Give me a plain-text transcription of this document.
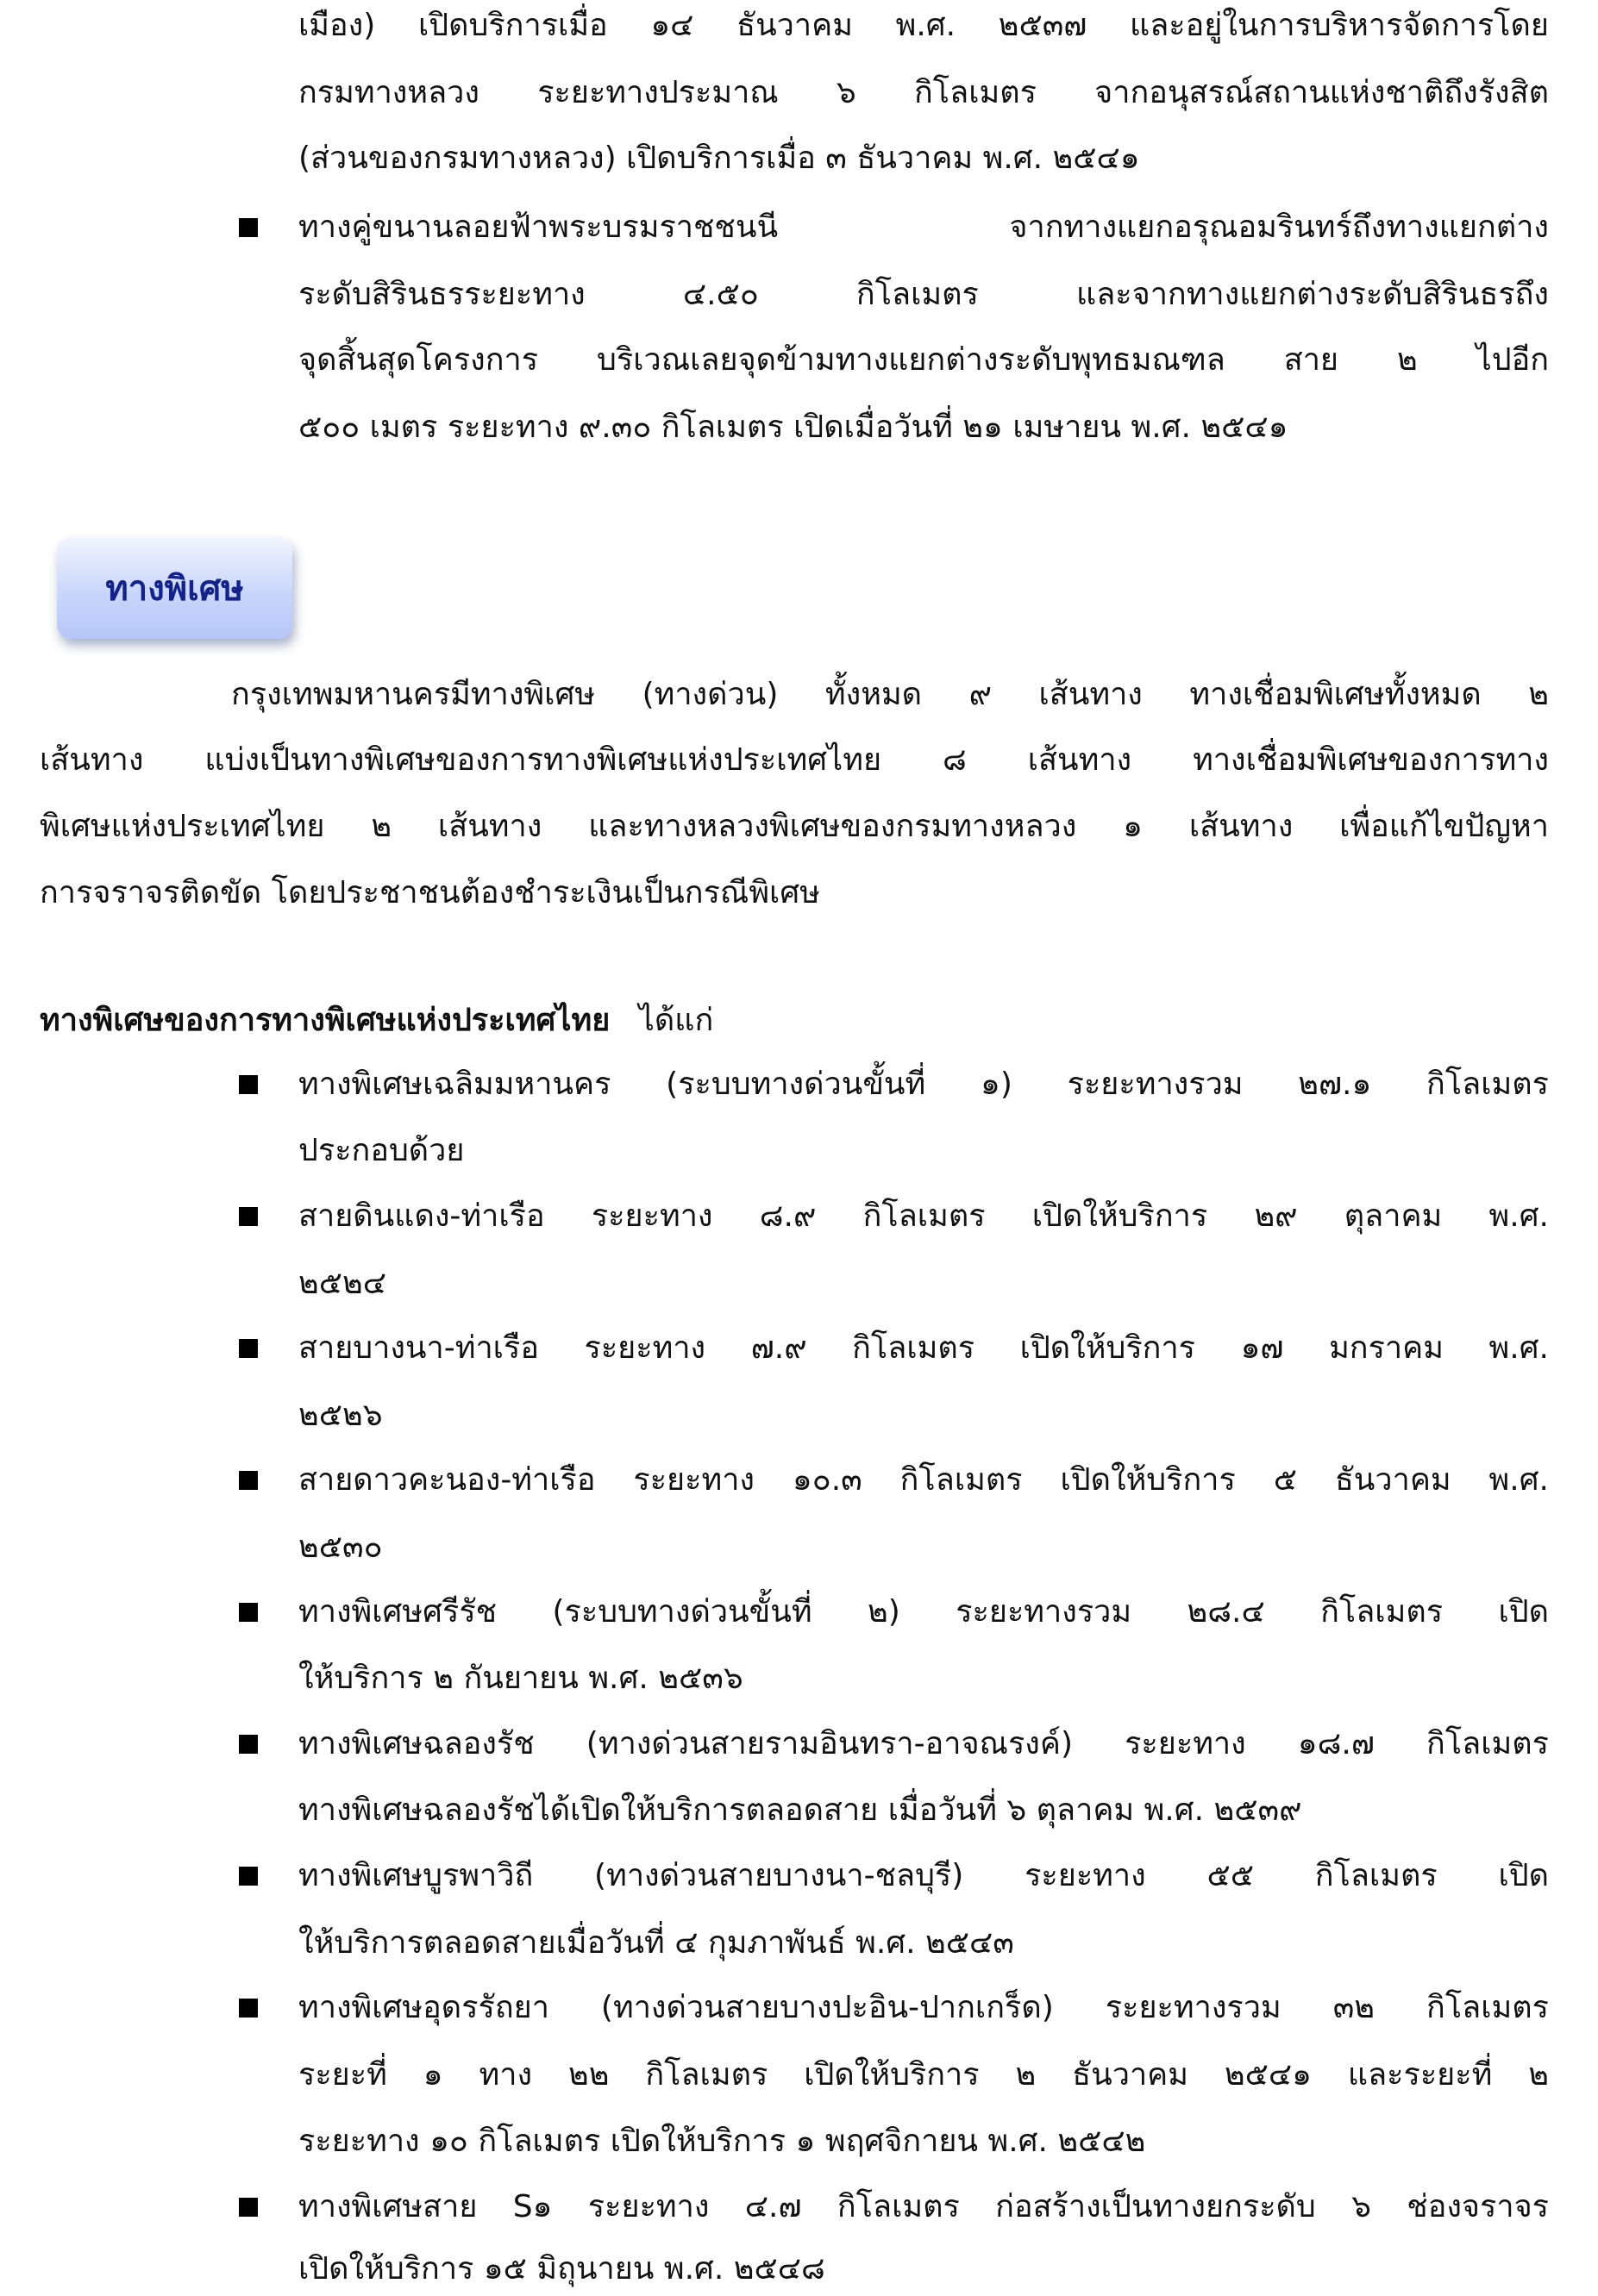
เมือง) เปิดบริการเมื่อ ๑๔ ธันวาคม พ.ศ. ๒๕๓๗ และอยู่ในการบริหารจัดการโดย
กรมทางหลวง ระยะทางประมาณ ๖ กิโลเมตร จากอนุสรณ์สถานแห่งชาติถึงรังสิต
(ส่วนของกรมทางหลวง) เปิดบริการเมื่อ ๓ ธันวาคม พ.ศ. ๒๕๔๑
ทางคู่ขนานลอยฟ้าพระบรมราชชนนี จากทางแยกอรุณอมรินทร์ถึงทางแยกต่าง
ระดับสิรินธรระยะทาง ๔.๕๐ กิโลเมตร และจากทางแยกต่างระดับสิรินธรถึง
จุดสิ้นสุดโครงการ บริเวณเลยจุดข้ามทางแยกต่างระดับพุทธมณฑล สาย ๒ ไปอีก
๕๐๐ เมตร ระยะทาง ๙.๓๐ กิโลเมตร เปิดเมื่อวันที่ ๒๑ เมษายน พ.ศ. ๒๕๔๑
ทางพิเศษ
กรุงเทพมหานครมีทางพิเศษ (ทางด่วน) ทั้งหมด ๙ เส้นทาง ทางเชื่อมพิเศษทั้งหมด ๒
เส้นทาง แบ่งเป็นทางพิเศษของการทางพิเศษแห่งประเทศไทย ๘ เส้นทาง ทางเชื่อมพิเศษของการทาง
พิเศษแห่งประเทศไทย ๒ เส้นทาง และทางหลวงพิเศษของกรมทางหลวง ๑ เส้นทาง เพื่อแก้ไขปัญหา
การจราจรติดขัด โดยประชาชนต้องชำระเงินเป็นกรณีพิเศษ
ทางพิเศษของการทางพิเศษแห่งประเทศไทย ได้แก่
ทางพิเศษเฉลิมมหานคร (ระบบทางด่วนขั้นที่ ๑) ระยะทางรวม ๒๗.๑ กิโลเมตร
ประกอบด้วย
สายดินแดง-ท่าเรือ ระยะทาง ๘.๙ กิโลเมตร เปิดให้บริการ ๒๙ ตุลาคม พ.ศ.
๒๕๒๔
สายบางนา-ท่าเรือ ระยะทาง ๗.๙ กิโลเมตร เปิดให้บริการ ๑๗ มกราคม พ.ศ.
๒๕๒๖
สายดาวคะนอง-ท่าเรือ ระยะทาง ๑๐.๓ กิโลเมตร เปิดให้บริการ ๕ ธันวาคม พ.ศ.
๒๕๓๐
ทางพิเศษศรีรัช (ระบบทางด่วนขั้นที่ ๒) ระยะทางรวม ๒๘.๔ กิโลเมตร เปิด
ให้บริการ ๒ กันยายน พ.ศ. ๒๕๓๖
ทางพิเศษฉลองรัช (ทางด่วนสายรามอินทรา-อาจณรงค์) ระยะทาง ๑๘.๗ กิโลเมตร
ทางพิเศษฉลองรัชได้เปิดให้บริการตลอดสาย เมื่อวันที่ ๖ ตุลาคม พ.ศ. ๒๕๓๙
ทางพิเศษบูรพาวิถี (ทางด่วนสายบางนา-ชลบุรี) ระยะทาง ๕๕ กิโลเมตร เปิด
ให้บริการตลอดสายเมื่อวันที่ ๔ กุมภาพันธ์ พ.ศ. ๒๕๔๓
ทางพิเศษอุดรรัถยา (ทางด่วนสายบางปะอิน-ปากเกร็ด) ระยะทางรวม ๓๒ กิโลเมตร
ระยะที่ ๑ ทาง ๒๒ กิโลเมตร เปิดให้บริการ ๒ ธันวาคม ๒๕๔๑ และระยะที่ ๒
ระยะทาง ๑๐ กิโลเมตร เปิดให้บริการ ๑ พฤศจิกายน พ.ศ. ๒๕๔๒
ทางพิเศษสาย S๑ ระยะทาง ๔.๗ กิโลเมตร ก่อสร้างเป็นทางยกระดับ ๖ ช่องจราจร
เปิดให้บริการ ๑๕ มิถุนายน พ.ศ. ๒๕๔๘
